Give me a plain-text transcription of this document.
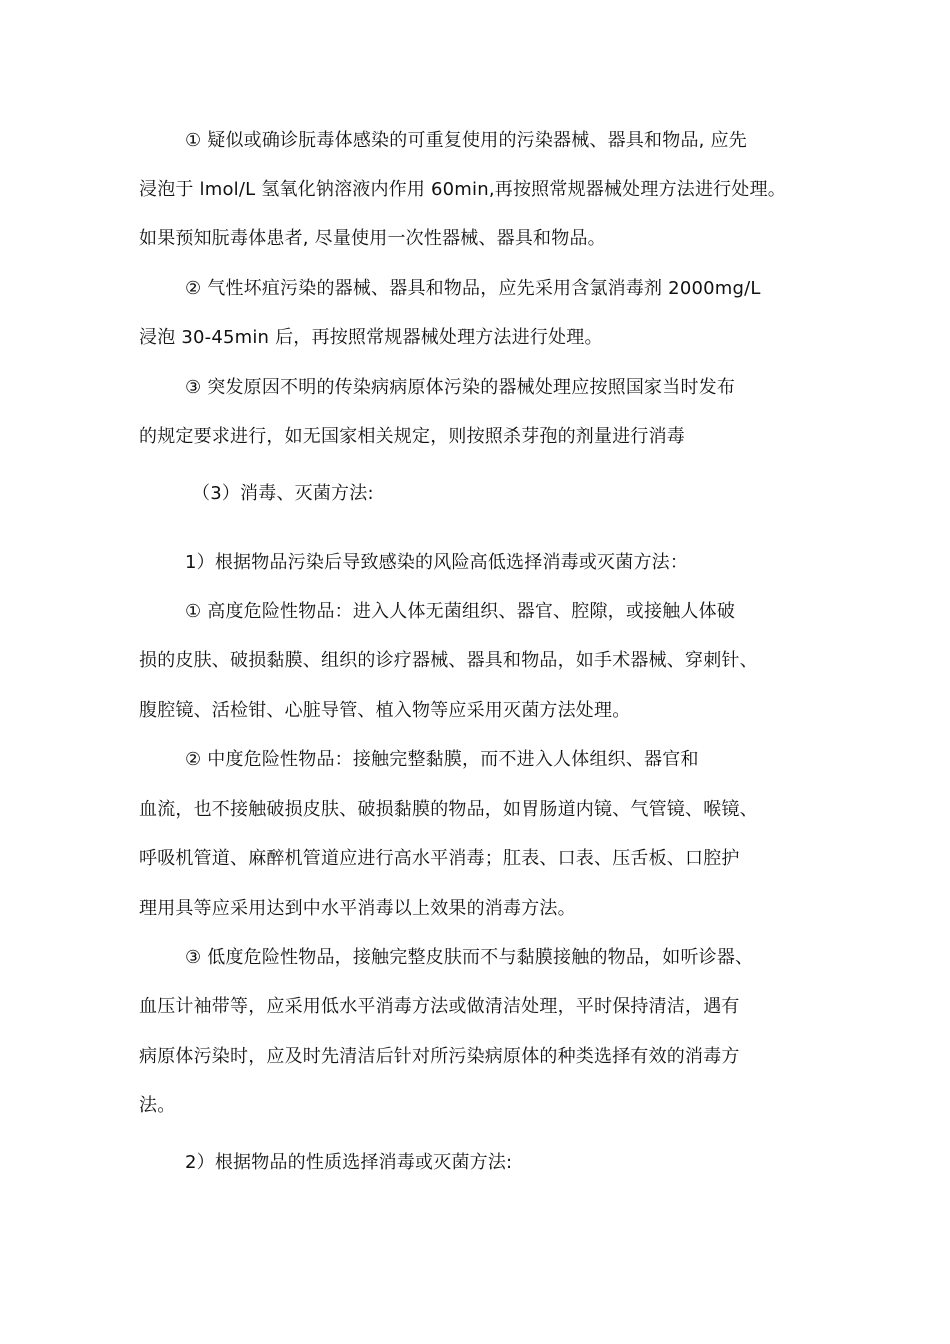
① 疑似或确诊朊毒体感染的可重复使用的污染器械、器具和物品, 应先
浸泡于 lmol/L 氢氧化钠溶液内作用 60min,再按照常规器械处理方法进行处理。
如果预知朊毒体患者, 尽量使用一次性器械、器具和物品。
② 气性坏疽污染的器械、器具和物品，应先采用含氯消毒剂 2000mg/L
浸泡 30-45min 后，再按照常规器械处理方法进行处理。
③ 突发原因不明的传染病病原体污染的器械处理应按照国家当时发布
的规定要求进行，如无国家相关规定，则按照杀芽孢的剂量进行消毒
（3）消毒、灭菌方法:
1）根据物品污染后导致感染的风险高低选择消毒或灭菌方法：
① 高度危险性物品：进入人体无菌组织、器官、腔隙，或接触人体破
损的皮肤、破损黏膜、组织的诊疗器械、器具和物品，如手术器械、穿刺针、
腹腔镜、活检钳、心脏导管、植入物等应采用灭菌方法处理。
② 中度危险性物品：接触完整黏膜，而不进入人体组织、器官和
血流，也不接触破损皮肤、破损黏膜的物品，如胃肠道内镜、气管镜、喉镜、
呼吸机管道、麻醉机管道应进行高水平消毒；肛表、口表、压舌板、口腔护
理用具等应采用达到中水平消毒以上效果的消毒方法。
③ 低度危险性物品，接触完整皮肤而不与黏膜接触的物品，如听诊器、
血压计袖带等，应采用低水平消毒方法或做清洁处理，平时保持清洁，遇有
病原体污染时，应及时先清洁后针对所污染病原体的种类选择有效的消毒方
法。
2）根据物品的性质选择消毒或灭菌方法:
